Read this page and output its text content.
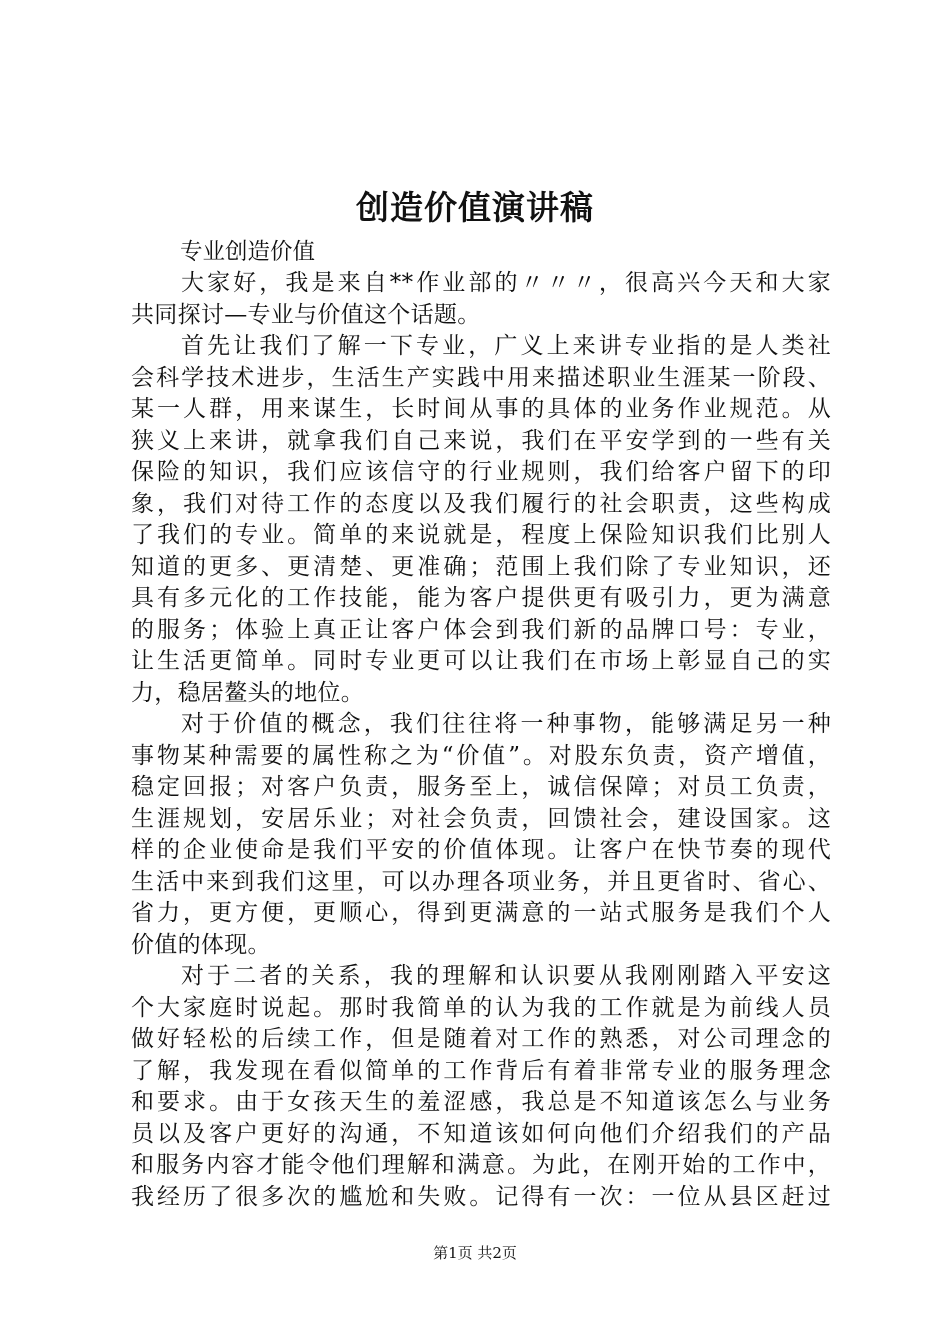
创造价值演讲稿
专业创造价值
大家好，我是来自**作业部的〃〃〃，很高兴今天和大家
共同探讨—专业与价值这个话题。
首先让我们了解一下专业，广义上来讲专业指的是人类社
会科学技术进步，生活生产实践中用来描述职业生涯某一阶段、
某一人群，用来谋生，长时间从事的具体的业务作业规范。从
狭义上来讲，就拿我们自己来说，我们在平安学到的一些有关
保险的知识，我们应该信守的行业规则，我们给客户留下的印
象，我们对待工作的态度以及我们履行的社会职责，这些构成
了我们的专业。简单的来说就是，程度上保险知识我们比别人
知道的更多、更清楚、更准确；范围上我们除了专业知识，还
具有多元化的工作技能，能为客户提供更有吸引力，更为满意
的服务；体验上真正让客户体会到我们新的品牌口号：专业，
让生活更简单。同时专业更可以让我们在市场上彰显自己的实
力，稳居鳌头的地位。
对于价值的概念，我们往往将一种事物，能够满足另一种
事物某种需要的属性称之为“价值”。对股东负责，资产增值，
稳定回报；对客户负责，服务至上，诚信保障；对员工负责，
生涯规划，安居乐业；对社会负责，回馈社会，建设国家。这
样的企业使命是我们平安的价值体现。让客户在快节奏的现代
生活中来到我们这里，可以办理各项业务，并且更省时、省心、
省力，更方便，更顺心，得到更满意的一站式服务是我们个人
价值的体现。
对于二者的关系，我的理解和认识要从我刚刚踏入平安这
个大家庭时说起。那时我简单的认为我的工作就是为前线人员
做好轻松的后续工作，但是随着对工作的熟悉，对公司理念的
了解，我发现在看似简单的工作背后有着非常专业的服务理念
和要求。由于女孩天生的羞涩感，我总是不知道该怎么与业务
员以及客户更好的沟通，不知道该如何向他们介绍我们的产品
和服务内容才能令他们理解和满意。为此，在刚开始的工作中，
我经历了很多次的尴尬和失败。记得有一次：一位从县区赶过
第1页 共2页
